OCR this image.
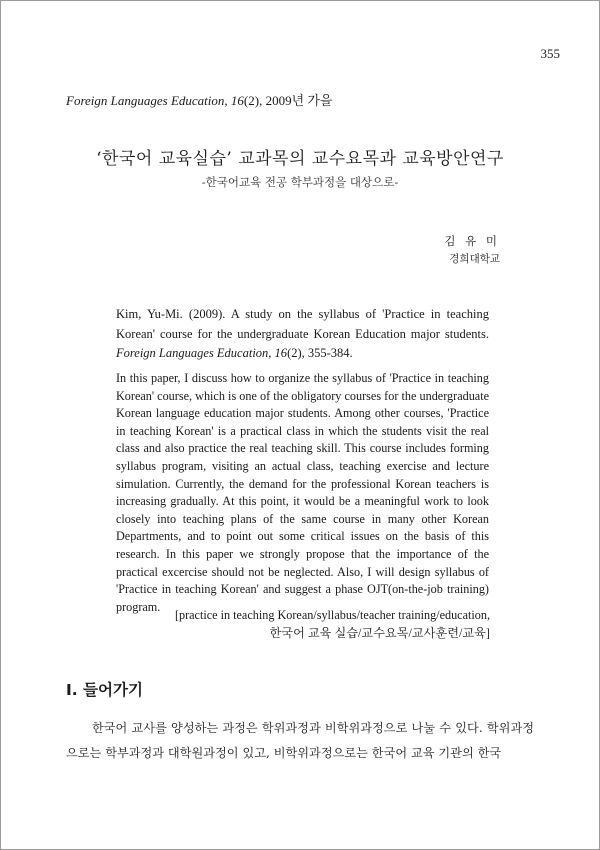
355
Foreign Languages Education, 16(2), 2009년 가을
‘한국어 교육실습’ 교과목의 교수요목과 교육방안연구
-한국어교육 전공 학부과정을 대상으로-
김 유 미
경희대학교
Kim, Yu-Mi. (2009). A study on the syllabus of 'Practice in teaching Korean' course for the undergraduate Korean Education major students. Foreign Languages Education, 16(2), 355-384.
In this paper, I discuss how to organize the syllabus of 'Practice in teaching Korean' course, which is one of the obligatory courses for the undergraduate Korean language education major students. Among other courses, 'Practice in teaching Korean' is a practical class in which the students visit the real class and also practice the real teaching skill. This course includes forming syllabus program, visiting an actual class, teaching exercise and lecture simulation. Currently, the demand for the professional Korean teachers is increasing gradually. At this point, it would be a meaningful work to look closely into teaching plans of the same course in many other Korean Departments, and to point out some critical issues on the basis of this research. In this paper we strongly propose that the importance of the practical excercise should not be neglected. Also, I will design syllabus of 'Practice in teaching Korean' and suggest a phase OJT(on-the-job training) program.
[practice in teaching Korean/syllabus/teacher training/education,
한국어 교육 실습/교수요목/교사훈련/교육]
I. 들어가기
한국어 교사를 양성하는 과정은 학위과정과 비학위과정으로 나눌 수 있다. 학위과정으로는 학부과정과 대학원과정이 있고, 비학위과정으로는 한국어 교육 기관의 한국
